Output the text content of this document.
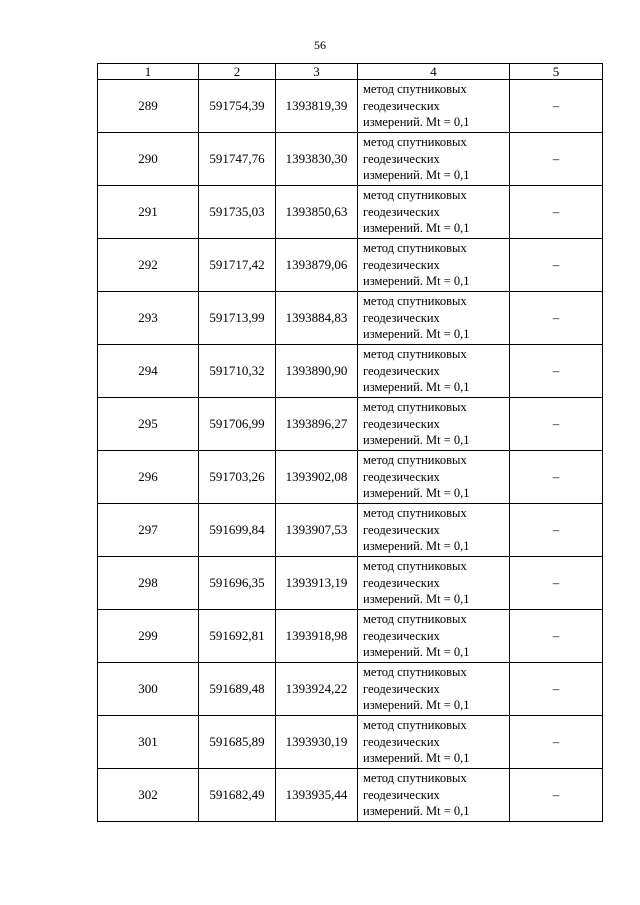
56
1	2	3	4	5
289	591754,39	1393819,39	метод спутниковых
геодезических
измерений. Mt = 0,1	–
290	591747,76	1393830,30	метод спутниковых
геодезических
измерений. Mt = 0,1	–
291	591735,03	1393850,63	метод спутниковых
геодезических
измерений. Mt = 0,1	–
292	591717,42	1393879,06	метод спутниковых
геодезических
измерений. Mt = 0,1	–
293	591713,99	1393884,83	метод спутниковых
геодезических
измерений. Mt = 0,1	–
294	591710,32	1393890,90	метод спутниковых
геодезических
измерений. Mt = 0,1	–
295	591706,99	1393896,27	метод спутниковых
геодезических
измерений. Mt = 0,1	–
296	591703,26	1393902,08	метод спутниковых
геодезических
измерений. Mt = 0,1	–
297	591699,84	1393907,53	метод спутниковых
геодезических
измерений. Mt = 0,1	–
298	591696,35	1393913,19	метод спутниковых
геодезических
измерений. Mt = 0,1	–
299	591692,81	1393918,98	метод спутниковых
геодезических
измерений. Mt = 0,1	–
300	591689,48	1393924,22	метод спутниковых
геодезических
измерений. Mt = 0,1	–
301	591685,89	1393930,19	метод спутниковых
геодезических
измерений. Mt = 0,1	–
302	591682,49	1393935,44	метод спутниковых
геодезических
измерений. Mt = 0,1	–
